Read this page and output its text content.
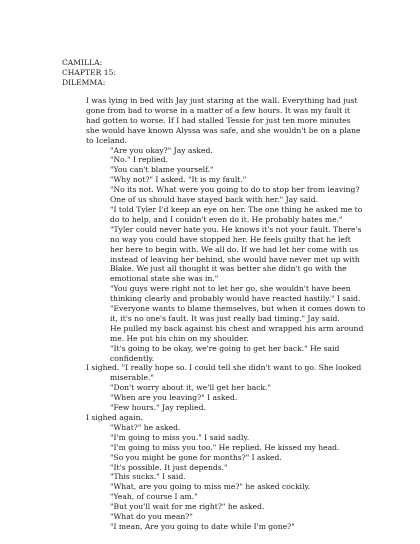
CAMILLA:
CHAPTER 15:
DILEMMA:

I was lying in bed with Jay just staring at the wall. Everything had just gone from bad to worse in a matter of a few hours. It was my fault it had gotten to worse. If I had stalled Tessie for just ten more minutes she would have known Alyssa was safe, and she wouldn't be on a plane to Iceland.

"Are you okay?" Jay asked.

"No." I replied.

"You can't blame yourself."

"Why not?" I asked. "It is my fault."

"No its not. What were you going to do to stop her from leaving? One of us should have stayed back with her." Jay said.

"I told Tyler I'd keep an eye on her. The one thing he asked me to do to help, and I couldn't even do it. He probably hates me."

"Tyler could never hate you. He knows it's not your fault. There's no way you could have stopped her. He feels guilty that he left her here to begin with. We all do. If we had let her come with us instead of leaving her behind, she would have never met up with Blake. We just all thought it was better she didn't go with the emotional state she was in."

"You guys were right not to let her go, she wouldn't have been thinking clearly and probably would have reacted hastily." I said.

"Everyone wants to blame themselves, but when it comes down to it, it's no one's fault. It was just really bad timing." Jay said.

He pulled my back against his chest and wrapped his arm around me. He put his chin on my shoulder.

"It's going to be okay, we're going to get her back." He said confidently.

I sighed. "I really hope so. I could tell she didn't want to go. She looked miserable."

"Don't worry about it, we'll get her back."

"When are you leaving?" I asked.

"Few hours." Jay replied.

I sighed again.

"What?" he asked.

"I'm going to miss you." I said sadly.

"I'm going to miss you too." He replied. He kissed my head.

"So you might be gone for months?" I asked.

"It's possible. It just depends."

"This sucks." I said.

"What, are you going to miss me?" he asked cockily.

"Yeah, of course I am."

"But you'll wait for me right?" he asked.

"What do you mean?"

"I mean, Are you going to date while I'm gone?"
